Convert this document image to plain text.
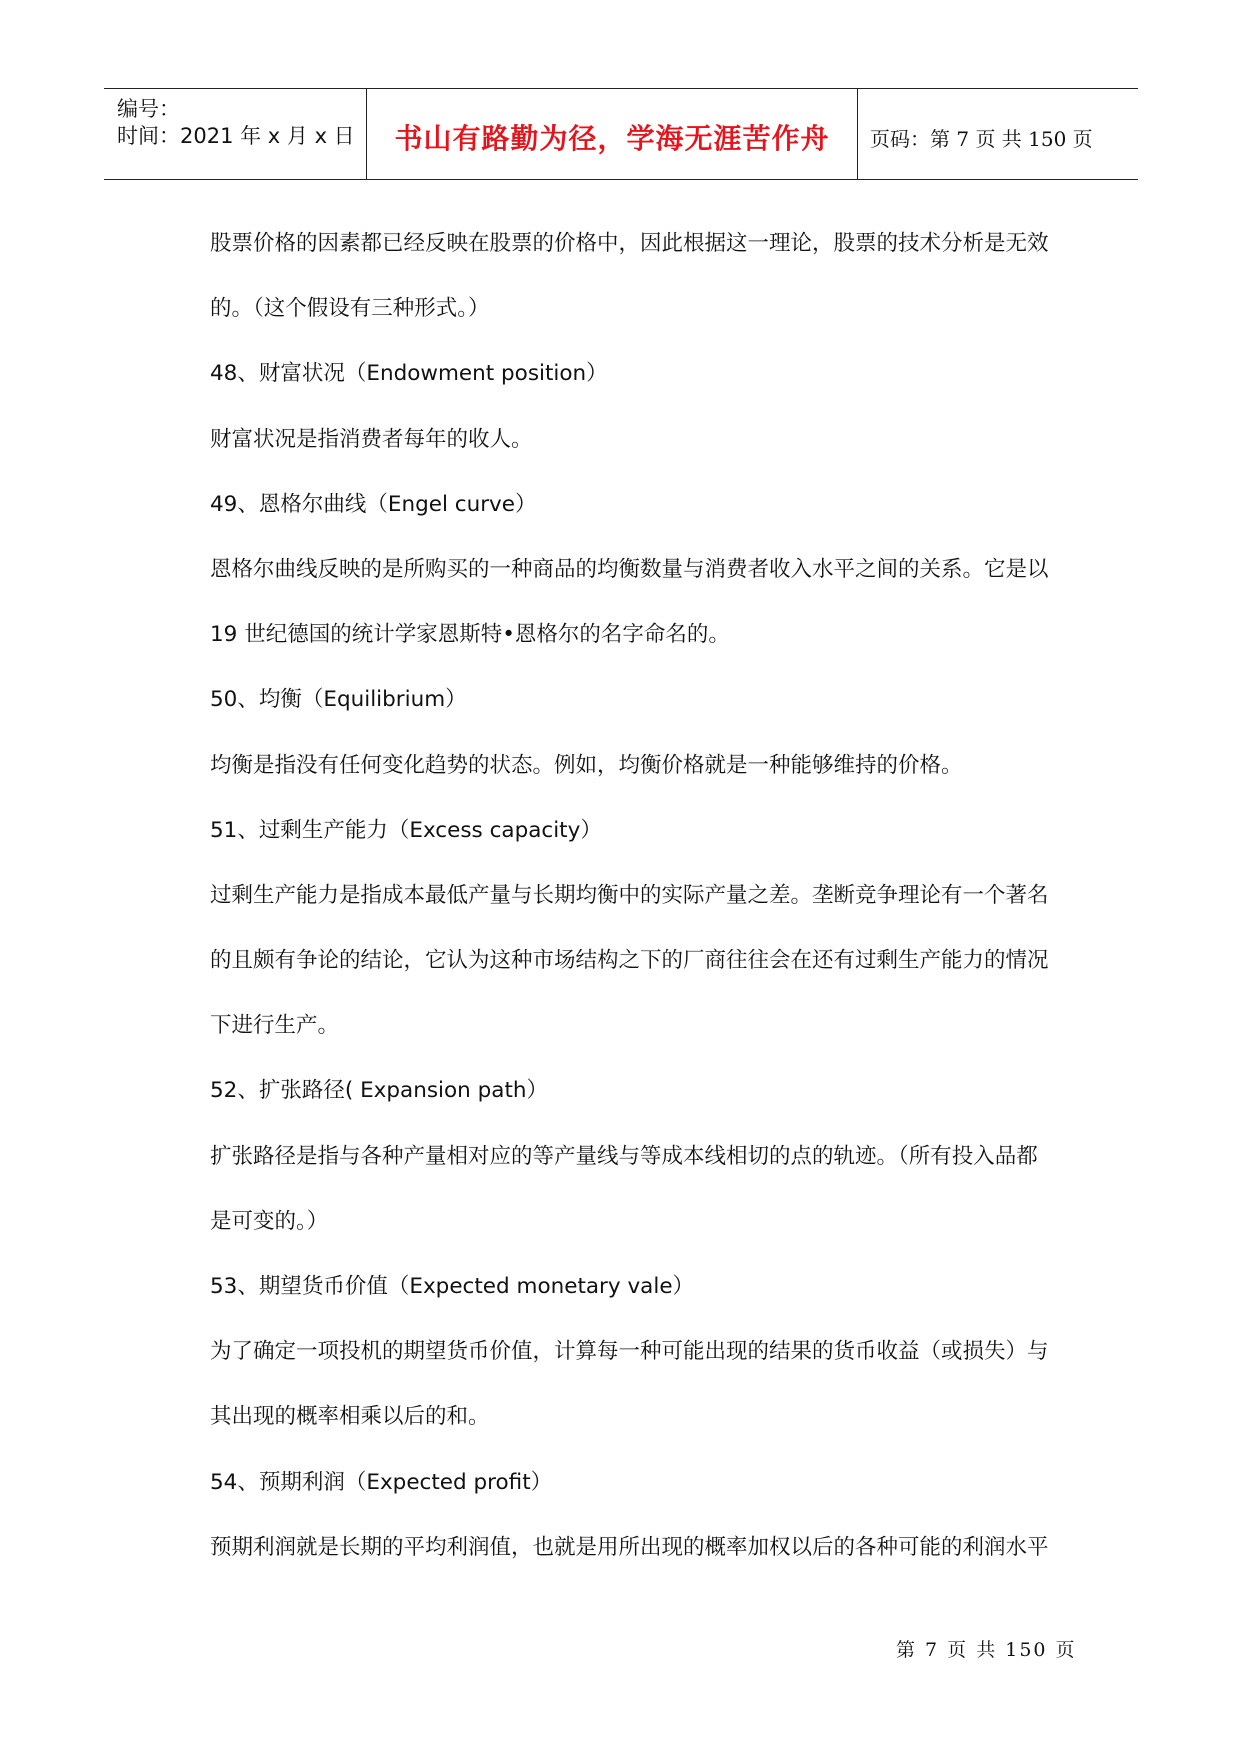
编号：
时间：2021 年 x 月 x 日	书山有路勤为径，学海无涯苦作舟	页码：第 7 页 共 150 页
股票价格的因素都已经反映在股票的价格中，因此根据这一理论，股票的技术分析是无效
的。（这个假设有三种形式。）
48、财富状况（Endowment position）
财富状况是指消费者每年的收人。
49、恩格尔曲线（Engel curve）
恩格尔曲线反映的是所购买的一种商品的均衡数量与消费者收入水平之间的关系。它是以
19 世纪德国的统计学家恩斯特•恩格尔的名字命名的。
50、均衡（Equilibrium）
均衡是指没有任何变化趋势的状态。例如，均衡价格就是一种能够维持的价格。
51、过剩生产能力（Excess capacity）
过剩生产能力是指成本最低产量与长期均衡中的实际产量之差。垄断竞争理论有一个著名
的且颇有争论的结论，它认为这种市场结构之下的厂商往往会在还有过剩生产能力的情况
下进行生产。
52、扩张路径( Expansion path）
扩张路径是指与各种产量相对应的等产量线与等成本线相切的点的轨迹。（所有投入品都
是可变的。）
53、期望货币价值（Expected monetary vale）
为了确定一项投机的期望货币价值，计算每一种可能出现的结果的货币收益（或损失）与
其出现的概率相乘以后的和。
54、预期利润（Expected profit）
预期利润就是长期的平均利润值，也就是用所出现的概率加权以后的各种可能的利润水平
第 7 页 共 150 页
